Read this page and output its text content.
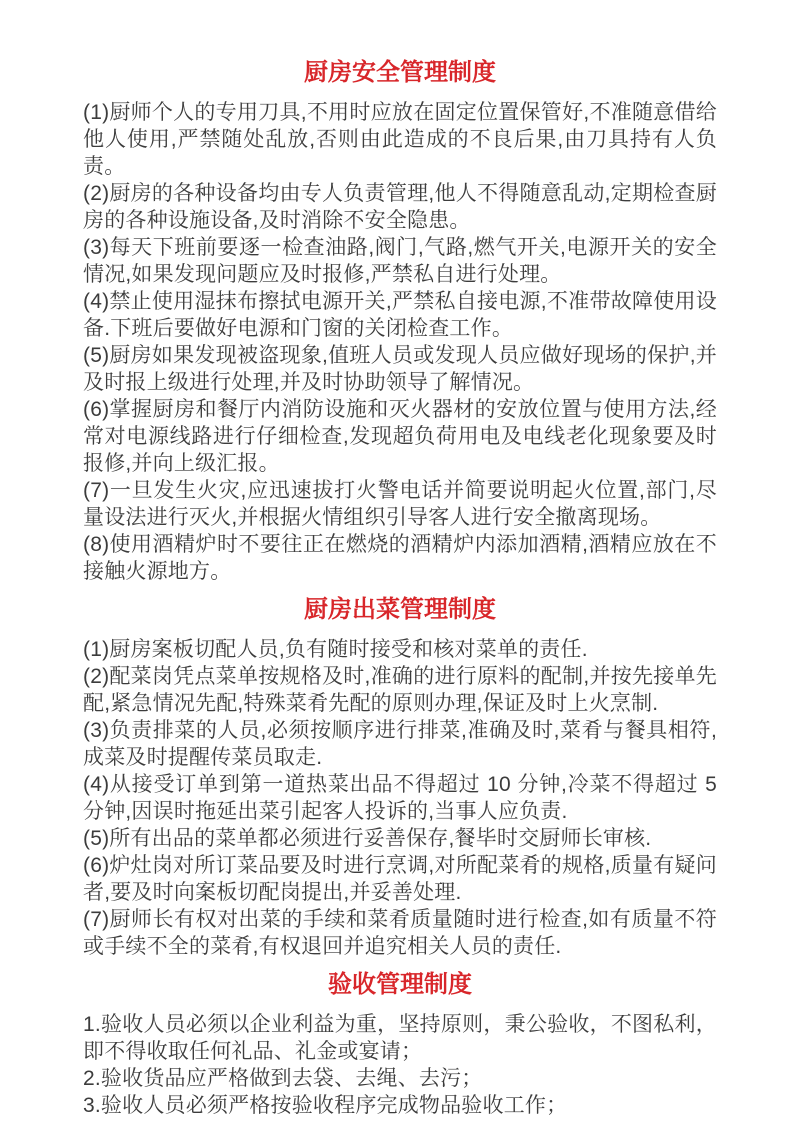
厨房安全管理制度

(1)厨师个人的专用刀具,不用时应放在固定位置保管好,不准随意借给他人使用,严禁随处乱放,否则由此造成的不良后果,由刀具持有人负责。

(2)厨房的各种设备均由专人负责管理,他人不得随意乱动,定期检查厨房的各种设施设备,及时消除不安全隐患。

(3)每天下班前要逐一检查油路,阀门,气路,燃气开关,电源开关的安全情况,如果发现问题应及时报修,严禁私自进行处理。

(4)禁止使用湿抹布擦拭电源开关,严禁私自接电源,不准带故障使用设备.下班后要做好电源和门窗的关闭检查工作。

(5)厨房如果发现被盗现象,值班人员或发现人员应做好现场的保护,并及时报上级进行处理,并及时协助领导了解情况。

(6)掌握厨房和餐厅内消防设施和灭火器材的安放位置与使用方法,经常对电源线路进行仔细检查,发现超负荷用电及电线老化现象要及时报修,并向上级汇报。

(7)一旦发生火灾,应迅速拔打火警电话并简要说明起火位置,部门,尽量设法进行灭火,并根据火情组织引导客人进行安全撤离现场。

(8)使用酒精炉时不要往正在燃烧的酒精炉内添加酒精,酒精应放在不接触火源地方。

厨房出菜管理制度

(1)厨房案板切配人员,负有随时接受和核对菜单的责任.

(2)配菜岗凭点菜单按规格及时,准确的进行原料的配制,并按先接单先配,紧急情况先配,特殊菜肴先配的原则办理,保证及时上火烹制.

(3)负责排菜的人员,必须按顺序进行排菜,准确及时,菜肴与餐具相符,成菜及时提醒传菜员取走.

(4)从接受订单到第一道热菜出品不得超过 10 分钟,冷菜不得超过 5 分钟,因误时拖延出菜引起客人投诉的,当事人应负责.

(5)所有出品的菜单都必须进行妥善保存,餐毕时交厨师长审核.

(6)炉灶岗对所订菜品要及时进行烹调,对所配菜肴的规格,质量有疑问者,要及时向案板切配岗提出,并妥善处理.

(7)厨师长有权对出菜的手续和菜肴质量随时进行检查,如有质量不符或手续不全的菜肴,有权退回并追究相关人员的责任.

验收管理制度

1.验收人员必须以企业利益为重，坚持原则，秉公验收，不图私利，即不得收取任何礼品、礼金或宴请；

2.验收货品应严格做到去袋、去绳、去污；

3.验收人员必须严格按验收程序完成物品验收工作；
